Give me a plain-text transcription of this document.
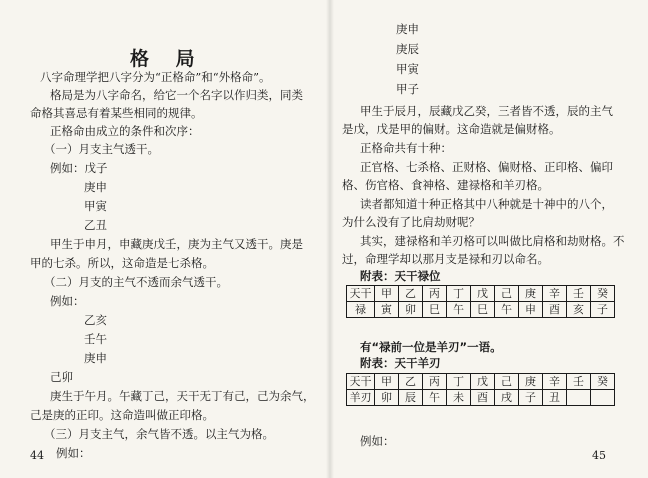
格 局
八字命理学把八字分为“正格命”和“外格命”。
格局是为八字命名，给它一个名字以作归类，同类
命格其喜忌有着某些相同的规律。
正格命由成立的条件和次序：
（一）月支主气透干。
例如：戊子
庚申
甲寅
乙丑
甲生于申月，申藏庚戊壬，庚为主气又透干。庚是
甲的七杀。所以，这命造是七杀格。
（二）月支的主气不透而余气透干。
例如：
乙亥
壬午
庚申
己卯
庚生于午月。午藏丁己，天干无丁有己，己为余气，
己是庚的正印。这命造叫做正印格。
（三）月支主气，余气皆不透。以主气为格。
例如：
44
庚申
庚辰
甲寅
甲子
甲生于辰月，辰藏戊乙癸，三者皆不透，辰的主气
是戊，戊是甲的偏财。这命造就是偏财格。
正格命共有十种：
正官格、七杀格、正财格、偏财格、正印格、偏印
格、伤官格、食神格、建禄格和羊刃格。
读者都知道十种正格其中八种就是十神中的八个，
为什么没有了比肩劫财呢？
其实，建禄格和羊刃格可以叫做比肩格和劫财格。不
过，命理学却以那月支是禄和刃以命名。
附表：天干禄位
天干	甲	乙	丙	丁	戊	己	庚	辛	壬	癸
禄	寅	卯	巳	午	巳	午	申	酉	亥	子
有“禄前一位是羊刃”一语。
附表：天干羊刃
天干	甲	乙	丙	丁	戊	己	庚	辛	壬	癸
羊刃	卯	辰	午	未	酉	戌	子	丑		
例如：
45
